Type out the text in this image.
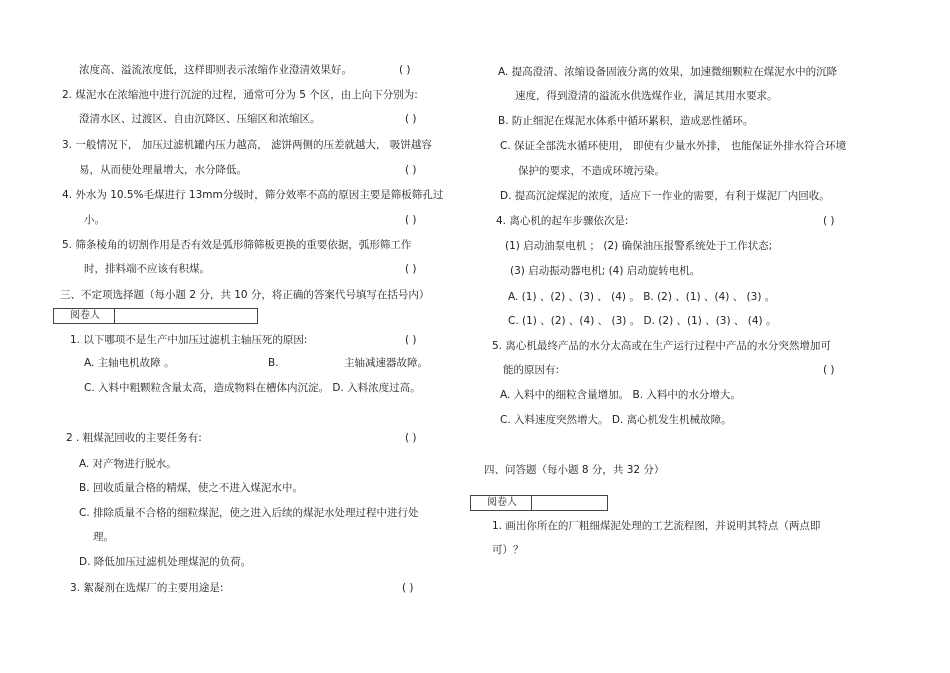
浓度高、溢流浓度低，这样即则表示浓缩作业澄清效果好。	( )
2. 煤泥水在浓缩池中进行沉淀的过程，通常可分为 5 个区，由上向下分别为:
澄清水区、过渡区、自由沉降区、压缩区和浓缩区。	( )
3. 一般情况下， 加压过滤机罐内压力越高， 滤饼两侧的压差就越大， 吸饼越容
易，从而使处理量增大，水分降低。	( )
4. 外水为 10.5%毛煤进行 13mm分级时，筛分效率不高的原因主要是筛板筛孔过
小。	( )
5. 筛条棱角的切割作用是否有效是弧形筛筛板更换的重要依据，弧形筛工作
时，排料端不应该有积煤。	( )
三、不定项选择题（每小题 2 分，共 10 分，将正确的答案代号填写在括号内）
阅卷人
1. 以下哪项不是生产中加压过滤机主轴压死的原因:	( )
A. 主轴电机故障 。	B.	主轴减速器故障。
C. 入料中粗颗粒含量太高，造成物料在槽体内沉淀。 D. 入料浓度过高。
2 . 粗煤泥回收的主要任务有:	( )
A. 对产物进行脱水。
B. 回收质量合格的精煤，使之不进入煤泥水中。
C. 排除质量不合格的细粒煤泥，使之进入后续的煤泥水处理过程中进行处
理。
D. 降低加压过滤机处理煤泥的负荷。
3. 絮凝剂在选煤厂的主要用途是:	( )
A. 提高澄清、浓缩设备固液分离的效果，加速微细颗粒在煤泥水中的沉降
速度，得到澄清的溢流水供选煤作业，满足其用水要求。
B. 防止细泥在煤泥水体系中循环累积，造成恶性循环。
C. 保证全部洗水循环使用， 即使有少量水外排， 也能保证外排水符合环境
保护的要求，不造成环境污染。
D. 提高沉淀煤泥的浓度，适应下一作业的需要，有利于煤泥厂内回收。
4. 离心机的起车步骤依次是:	( )
(1) 启动油泵电机 ； (2) 确保油压报警系统处于工作状态;
(3) 启动振动器电机; (4) 启动旋转电机。
A. (1) 、(2) 、(3) 、 (4) 。 B. (2) 、(1) 、(4) 、 (3) 。
C. (1) 、(2) 、(4) 、 (3) 。 D. (2) 、(1) 、(3) 、 (4) 。
5. 离心机最终产品的水分太高或在生产运行过程中产品的水分突然增加可
能的原因有:	( )
A. 入料中的细粒含量增加。 B. 入料中的水分增大。
C. 入料速度突然增大。 D. 离心机发生机械故障。
四、问答题（每小题 8 分，共 32 分）
阅卷人
1. 画出你所在的厂粗细煤泥处理的工艺流程图，并说明其特点（两点即
可）？
